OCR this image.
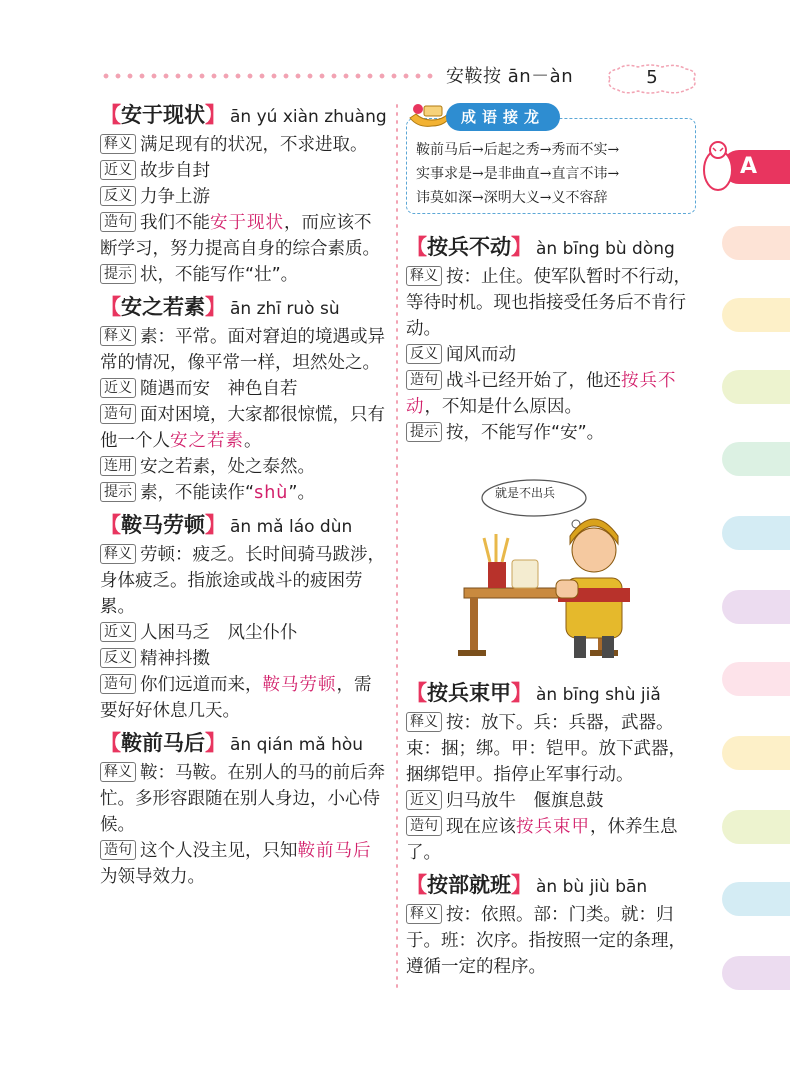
安鞍按 ān－àn	5
A
【安于现状】 ān yú xiàn zhuàng
释义 满足现有的状况，不求进取。
近义 故步自封
反义 力争上游
造句 我们不能安于现状，而应该不断学习，努力提高自身的综合素质。
提示 状，不能写作“壮”。
【安之若素】 ān zhī ruò sù
释义 素：平常。面对窘迫的境遇或异常的情况，像平常一样，坦然处之。
近义 随遇而安　神色自若
造句 面对困境，大家都很惊慌，只有他一个人安之若素。
连用 安之若素，处之泰然。
提示 素，不能读作“shù”。
【鞍马劳顿】 ān mǎ láo dùn
释义 劳顿：疲乏。长时间骑马跋涉，身体疲乏。指旅途或战斗的疲困劳累。
近义 人困马乏　风尘仆仆
反义 精神抖擞
造句 你们远道而来，鞍马劳顿，需要好好休息几天。
【鞍前马后】 ān qián mǎ hòu
释义 鞍：马鞍。在别人的马的前后奔忙。多形容跟随在别人身边，小心侍候。
造句 这个人没主见，只知鞍前马后为领导效力。
成语接龙
鞍前马后→后起之秀→秀而不实→
实事求是→是非曲直→直言不讳→
讳莫如深→深明大义→义不容辞
【按兵不动】 àn bīng bù dòng
释义 按：止住。使军队暂时不行动，等待时机。现也指接受任务后不肯行动。
反义 闻风而动
造句 战斗已经开始了，他还按兵不动，不知是什么原因。
提示 按，不能写作“安”。
就是不出兵
【按兵束甲】 àn bīng shù jiǎ
释义 按：放下。兵：兵器，武器。束：捆；绑。甲：铠甲。放下武器，捆绑铠甲。指停止军事行动。
近义 归马放牛　偃旗息鼓
造句 现在应该按兵束甲，休养生息了。
【按部就班】 àn bù jiù bān
释义 按：依照。部：门类。就：归于。班：次序。指按照一定的条理，遵循一定的程序。
